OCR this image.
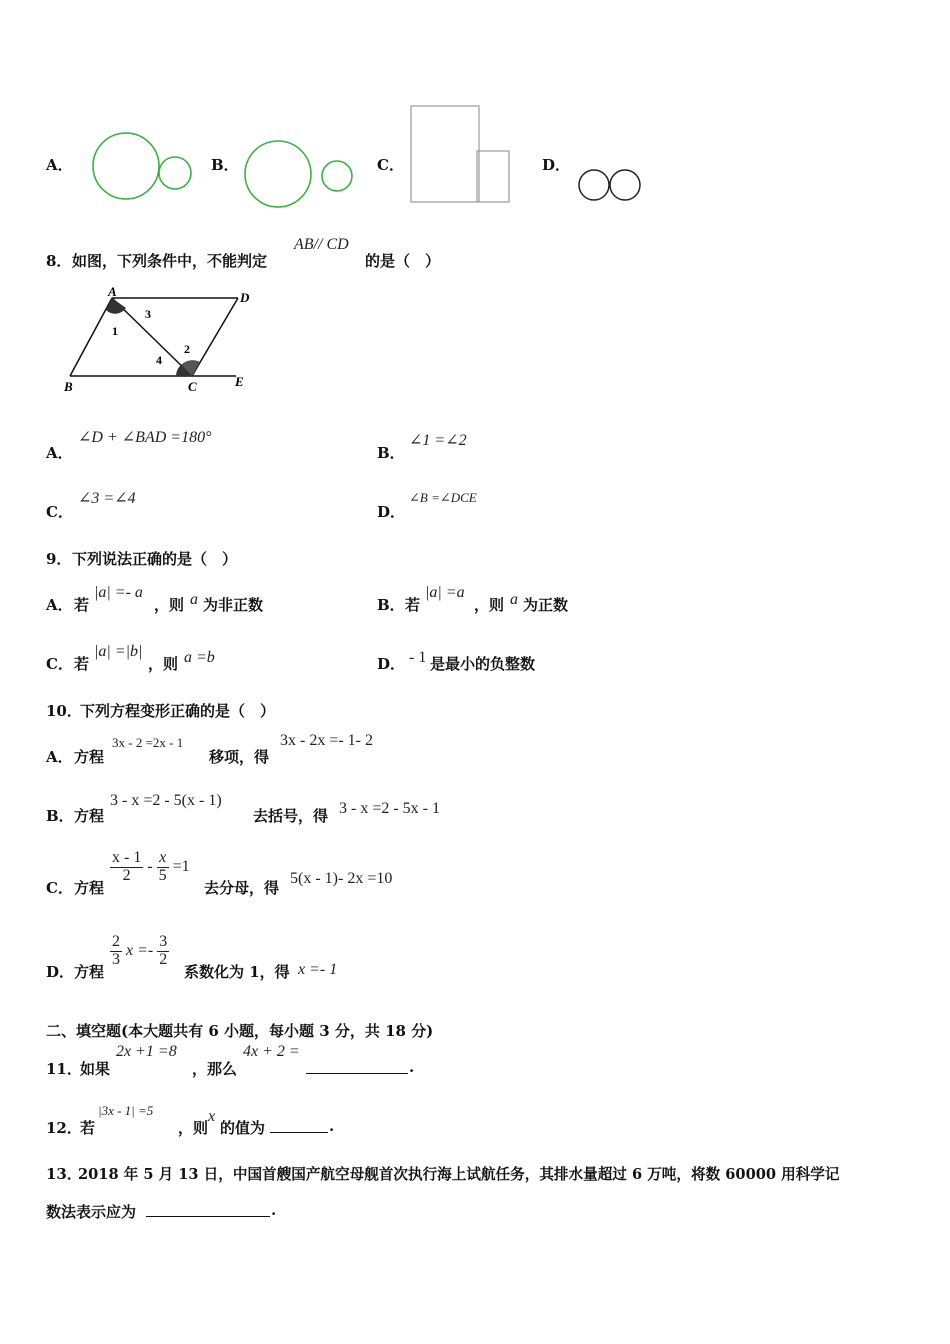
A．	B．	C．	D．
8． 如图，下列条件中，不能判定
AB// CD
的是（　）
A	D
B	C	E
1
3
2
4
A．
∠D + ∠BAD =180°
B．
∠1 =∠2
C．
∠3 =∠4
D．
∠B =∠DCE
9． 下列说法正确的是（　）
A． 若
|a| =- a
，则 a 为非正数	B． 若
|a| =a
，则 a 为正数
C． 若
|a| =|b|
，则 a =b	D． - 1 是最小的负整数
10．
下列方程变形正确的是（　）
A． 方程
3x - 2 =2x - 1
移项，得
3x - 2x =- 1- 2
B． 方程
3 - x =2 - 5(x - 1)
去括号，得 3 - x =2 - 5x - 1
C． 方程
$\frac{x - 1}{2} - \frac{x}{5} =1$
去分母，得
5(x - 1)- 2x =10
D． 方程
$\frac{2}{3}$ $x =- \frac{3}{2}$
系数化为 1，得 x =- 1
二、填空题(本大题共有 6 小题，每小题 3 分，共 18 分)
11．
如果
2x +1 =8
，那么
4x + 2 =
.
12．
若
|3x - 1| =5
，则
x
的值为	.
13．
2018 年 5 月 13 日，中国首艘国产航空母舰首次执行海上试航任务，其排水量超过 6 万吨，将数 60000 用科学记
数法表示应为	.
